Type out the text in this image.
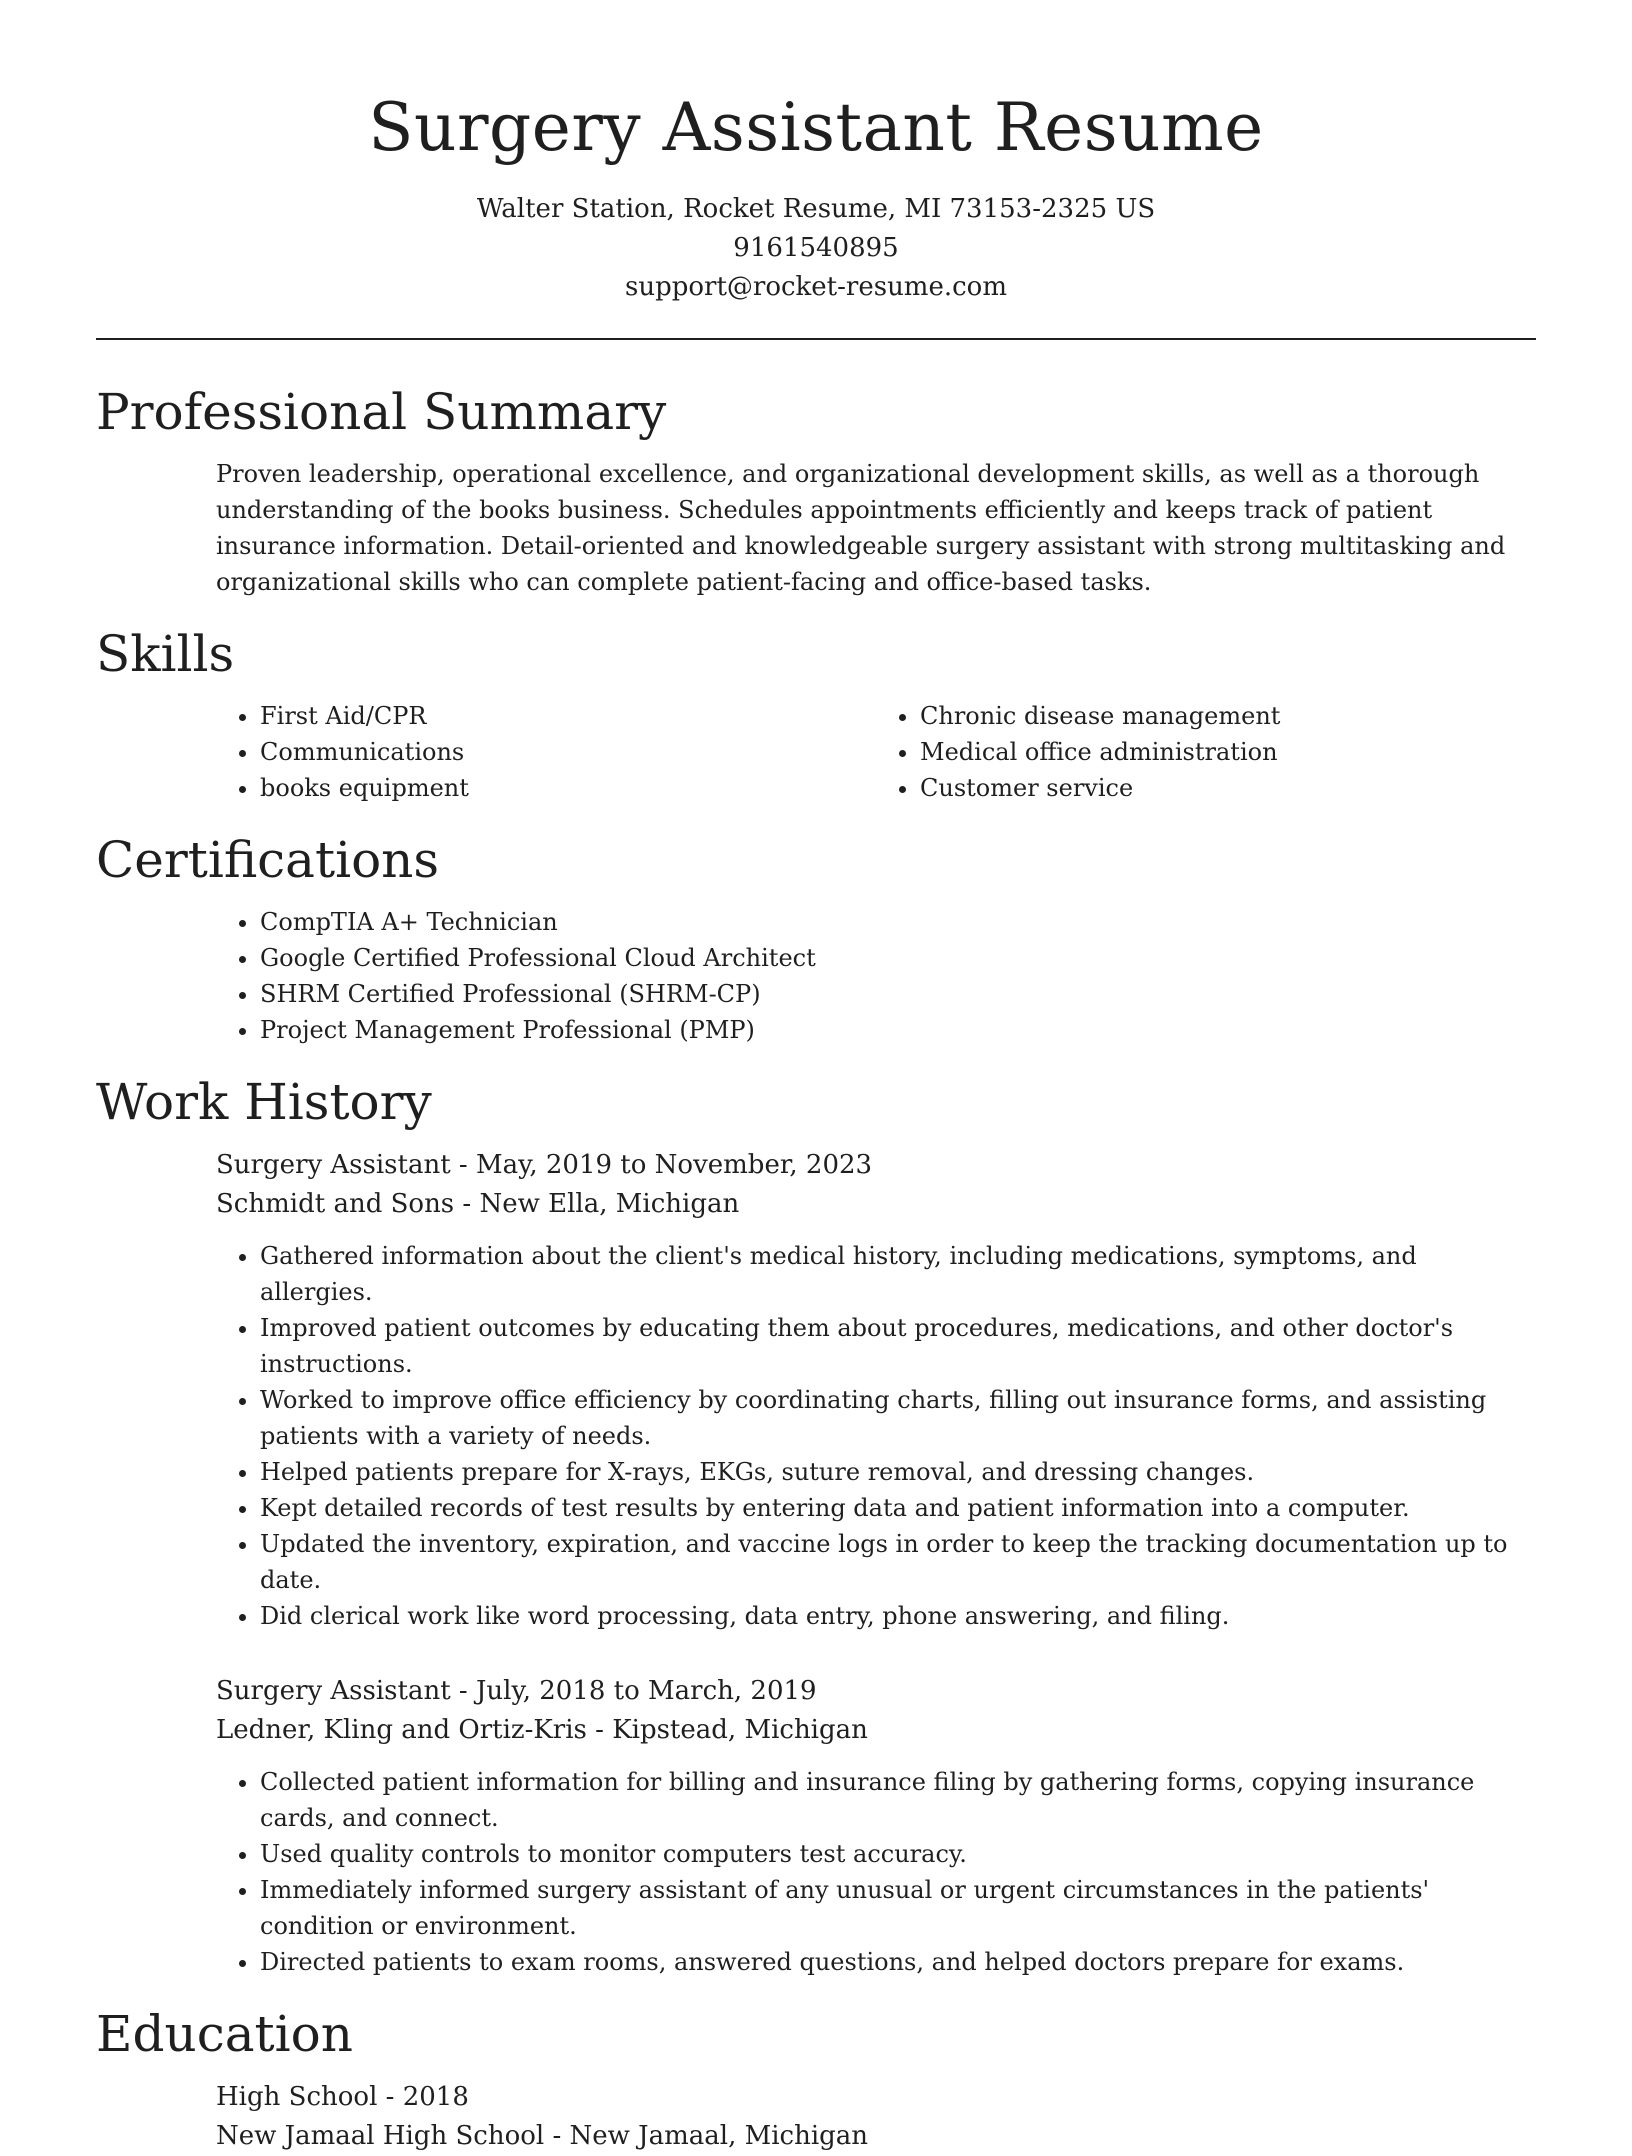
Surgery Assistant Resume
Walter Station, Rocket Resume, MI 73153-2325 US
9161540895
support@rocket-resume.com
Professional Summary
Proven leadership, operational excellence, and organizational development skills, as well as a thorough understanding of the books business. Schedules appointments efficiently and keeps track of patient insurance information. Detail-oriented and knowledgeable surgery assistant with strong multitasking and organizational skills who can complete patient-facing and office-based tasks.
Skills
• First Aid/CPR
• Communications
• books equipment
• Chronic disease management
• Medical office administration
• Customer service
Certifications
• CompTIA A+ Technician
• Google Certified Professional Cloud Architect
• SHRM Certified Professional (SHRM-CP)
• Project Management Professional (PMP)
Work History
Surgery Assistant - May, 2019 to November, 2023
Schmidt and Sons - New Ella, Michigan
• Gathered information about the client's medical history, including medications, symptoms, and allergies.
• Improved patient outcomes by educating them about procedures, medications, and other doctor's instructions.
• Worked to improve office efficiency by coordinating charts, filling out insurance forms, and assisting patients with a variety of needs.
• Helped patients prepare for X-rays, EKGs, suture removal, and dressing changes.
• Kept detailed records of test results by entering data and patient information into a computer.
• Updated the inventory, expiration, and vaccine logs in order to keep the tracking documentation up to date.
• Did clerical work like word processing, data entry, phone answering, and filing.
Surgery Assistant - July, 2018 to March, 2019
Ledner, Kling and Ortiz-Kris - Kipstead, Michigan
• Collected patient information for billing and insurance filing by gathering forms, copying insurance cards, and connect.
• Used quality controls to monitor computers test accuracy.
• Immediately informed surgery assistant of any unusual or urgent circumstances in the patients' condition or environment.
• Directed patients to exam rooms, answered questions, and helped doctors prepare for exams.
Education
High School - 2018
New Jamaal High School - New Jamaal, Michigan
